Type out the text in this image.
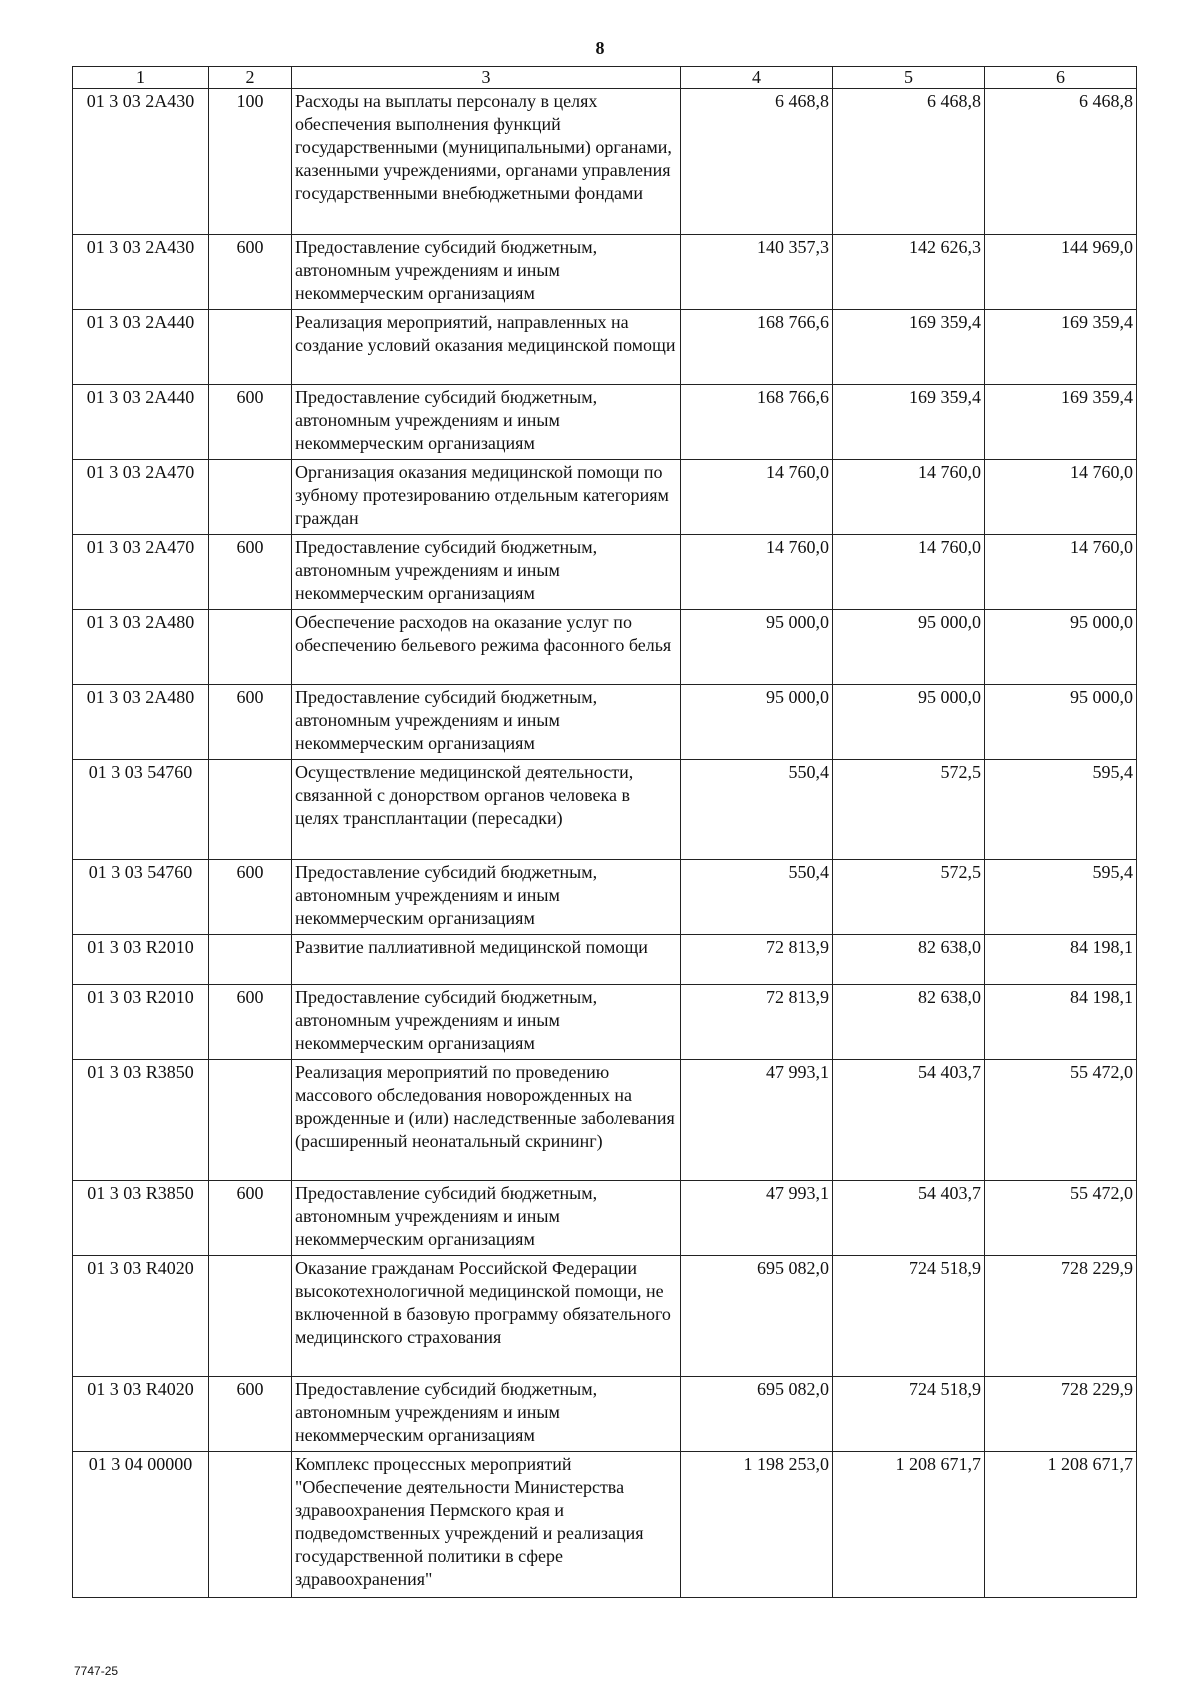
8
1	2	3	4	5	6
01 3 03 2А430	100	Расходы на выплаты персоналу в целях обеспечения выполнения функций государственными (муниципальными) органами, казенными учреждениями, органами управления государственными внебюджетными фондами	6 468,8	6 468,8	6 468,8
01 3 03 2А430	600	Предоставление субсидий бюджетным, автономным учреждениям и иным некоммерческим организациям	140 357,3	142 626,3	144 969,0
01 3 03 2А440		Реализация мероприятий, направленных на создание условий оказания медицинской помощи	168 766,6	169 359,4	169 359,4
01 3 03 2А440	600	Предоставление субсидий бюджетным, автономным учреждениям и иным некоммерческим организациям	168 766,6	169 359,4	169 359,4
01 3 03 2А470		Организация оказания медицинской помощи по зубному протезированию отдельным категориям граждан	14 760,0	14 760,0	14 760,0
01 3 03 2А470	600	Предоставление субсидий бюджетным, автономным учреждениям и иным некоммерческим организациям	14 760,0	14 760,0	14 760,0
01 3 03 2А480		Обеспечение расходов на оказание услуг по обеспечению бельевого режима фасонного белья	95 000,0	95 000,0	95 000,0
01 3 03 2А480	600	Предоставление субсидий бюджетным, автономным учреждениям и иным некоммерческим организациям	95 000,0	95 000,0	95 000,0
01 3 03 54760		Осуществление медицинской деятельности, связанной с донорством органов человека в целях трансплантации (пересадки)	550,4	572,5	595,4
01 3 03 54760	600	Предоставление субсидий бюджетным, автономным учреждениям и иным некоммерческим организациям	550,4	572,5	595,4
01 3 03 R2010		Развитие паллиативной медицинской помощи	72 813,9	82 638,0	84 198,1
01 3 03 R2010	600	Предоставление субсидий бюджетным, автономным учреждениям и иным некоммерческим организациям	72 813,9	82 638,0	84 198,1
01 3 03 R3850		Реализация мероприятий по проведению массового обследования новорожденных на врожденные и (или) наследственные заболевания (расширенный неонатальный скрининг)	47 993,1	54 403,7	55 472,0
01 3 03 R3850	600	Предоставление субсидий бюджетным, автономным учреждениям и иным некоммерческим организациям	47 993,1	54 403,7	55 472,0
01 3 03 R4020		Оказание гражданам Российской Федерации высокотехнологичной медицинской помощи, не включенной в базовую программу обязательного медицинского страхования	695 082,0	724 518,9	728 229,9
01 3 03 R4020	600	Предоставление субсидий бюджетным, автономным учреждениям и иным некоммерческим организациям	695 082,0	724 518,9	728 229,9
01 3 04 00000		Комплекс процессных мероприятий "Обеспечение деятельности Министерства здравоохранения Пермского края и подведомственных учреждений и реализация государственной политики в сфере здравоохранения"	1 198 253,0	1 208 671,7	1 208 671,7
7747-25
